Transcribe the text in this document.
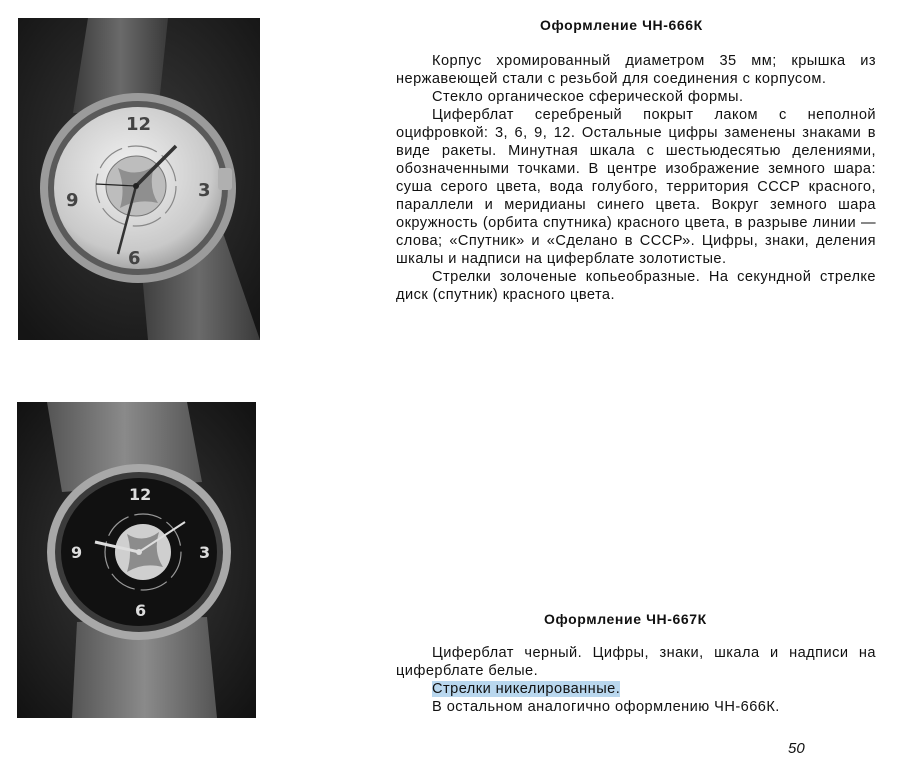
12
3
6
9
12
3
6
9
Оформление ЧН-666К

Корпус хромированный диаметром 35 мм; крышка из нержавеющей стали с резьбой для соединения с корпусом.

Стекло органическое сферической формы.

Циферблат серебреный покрыт лаком с неполной оцифровкой: 3, 6, 9, 12. Остальные цифры заменены знаками в виде ракеты. Минутная шкала с шестьюдесятью делениями, обозначенными точками. В центре изображение земного шара: суша серого цвета, вода голубого, территория СССР красного, параллели и меридианы синего цвета. Вокруг земного шара окружность (орбита спутника) красного цвета, в разрыве линии — слова; «Спутник» и «Сделано в СССР». Цифры, знаки, деления шкалы и надписи на циферблате золотистые.

Стрелки золоченые копьеобразные. На секундной стрелке диск (спутник) красного цвета.

Оформление ЧН-667К

Циферблат черный. Цифры, знаки, шкала и надписи на циферблате белые.

Стрелки никелированные.

В остальном аналогично оформлению ЧН-666К.

50
